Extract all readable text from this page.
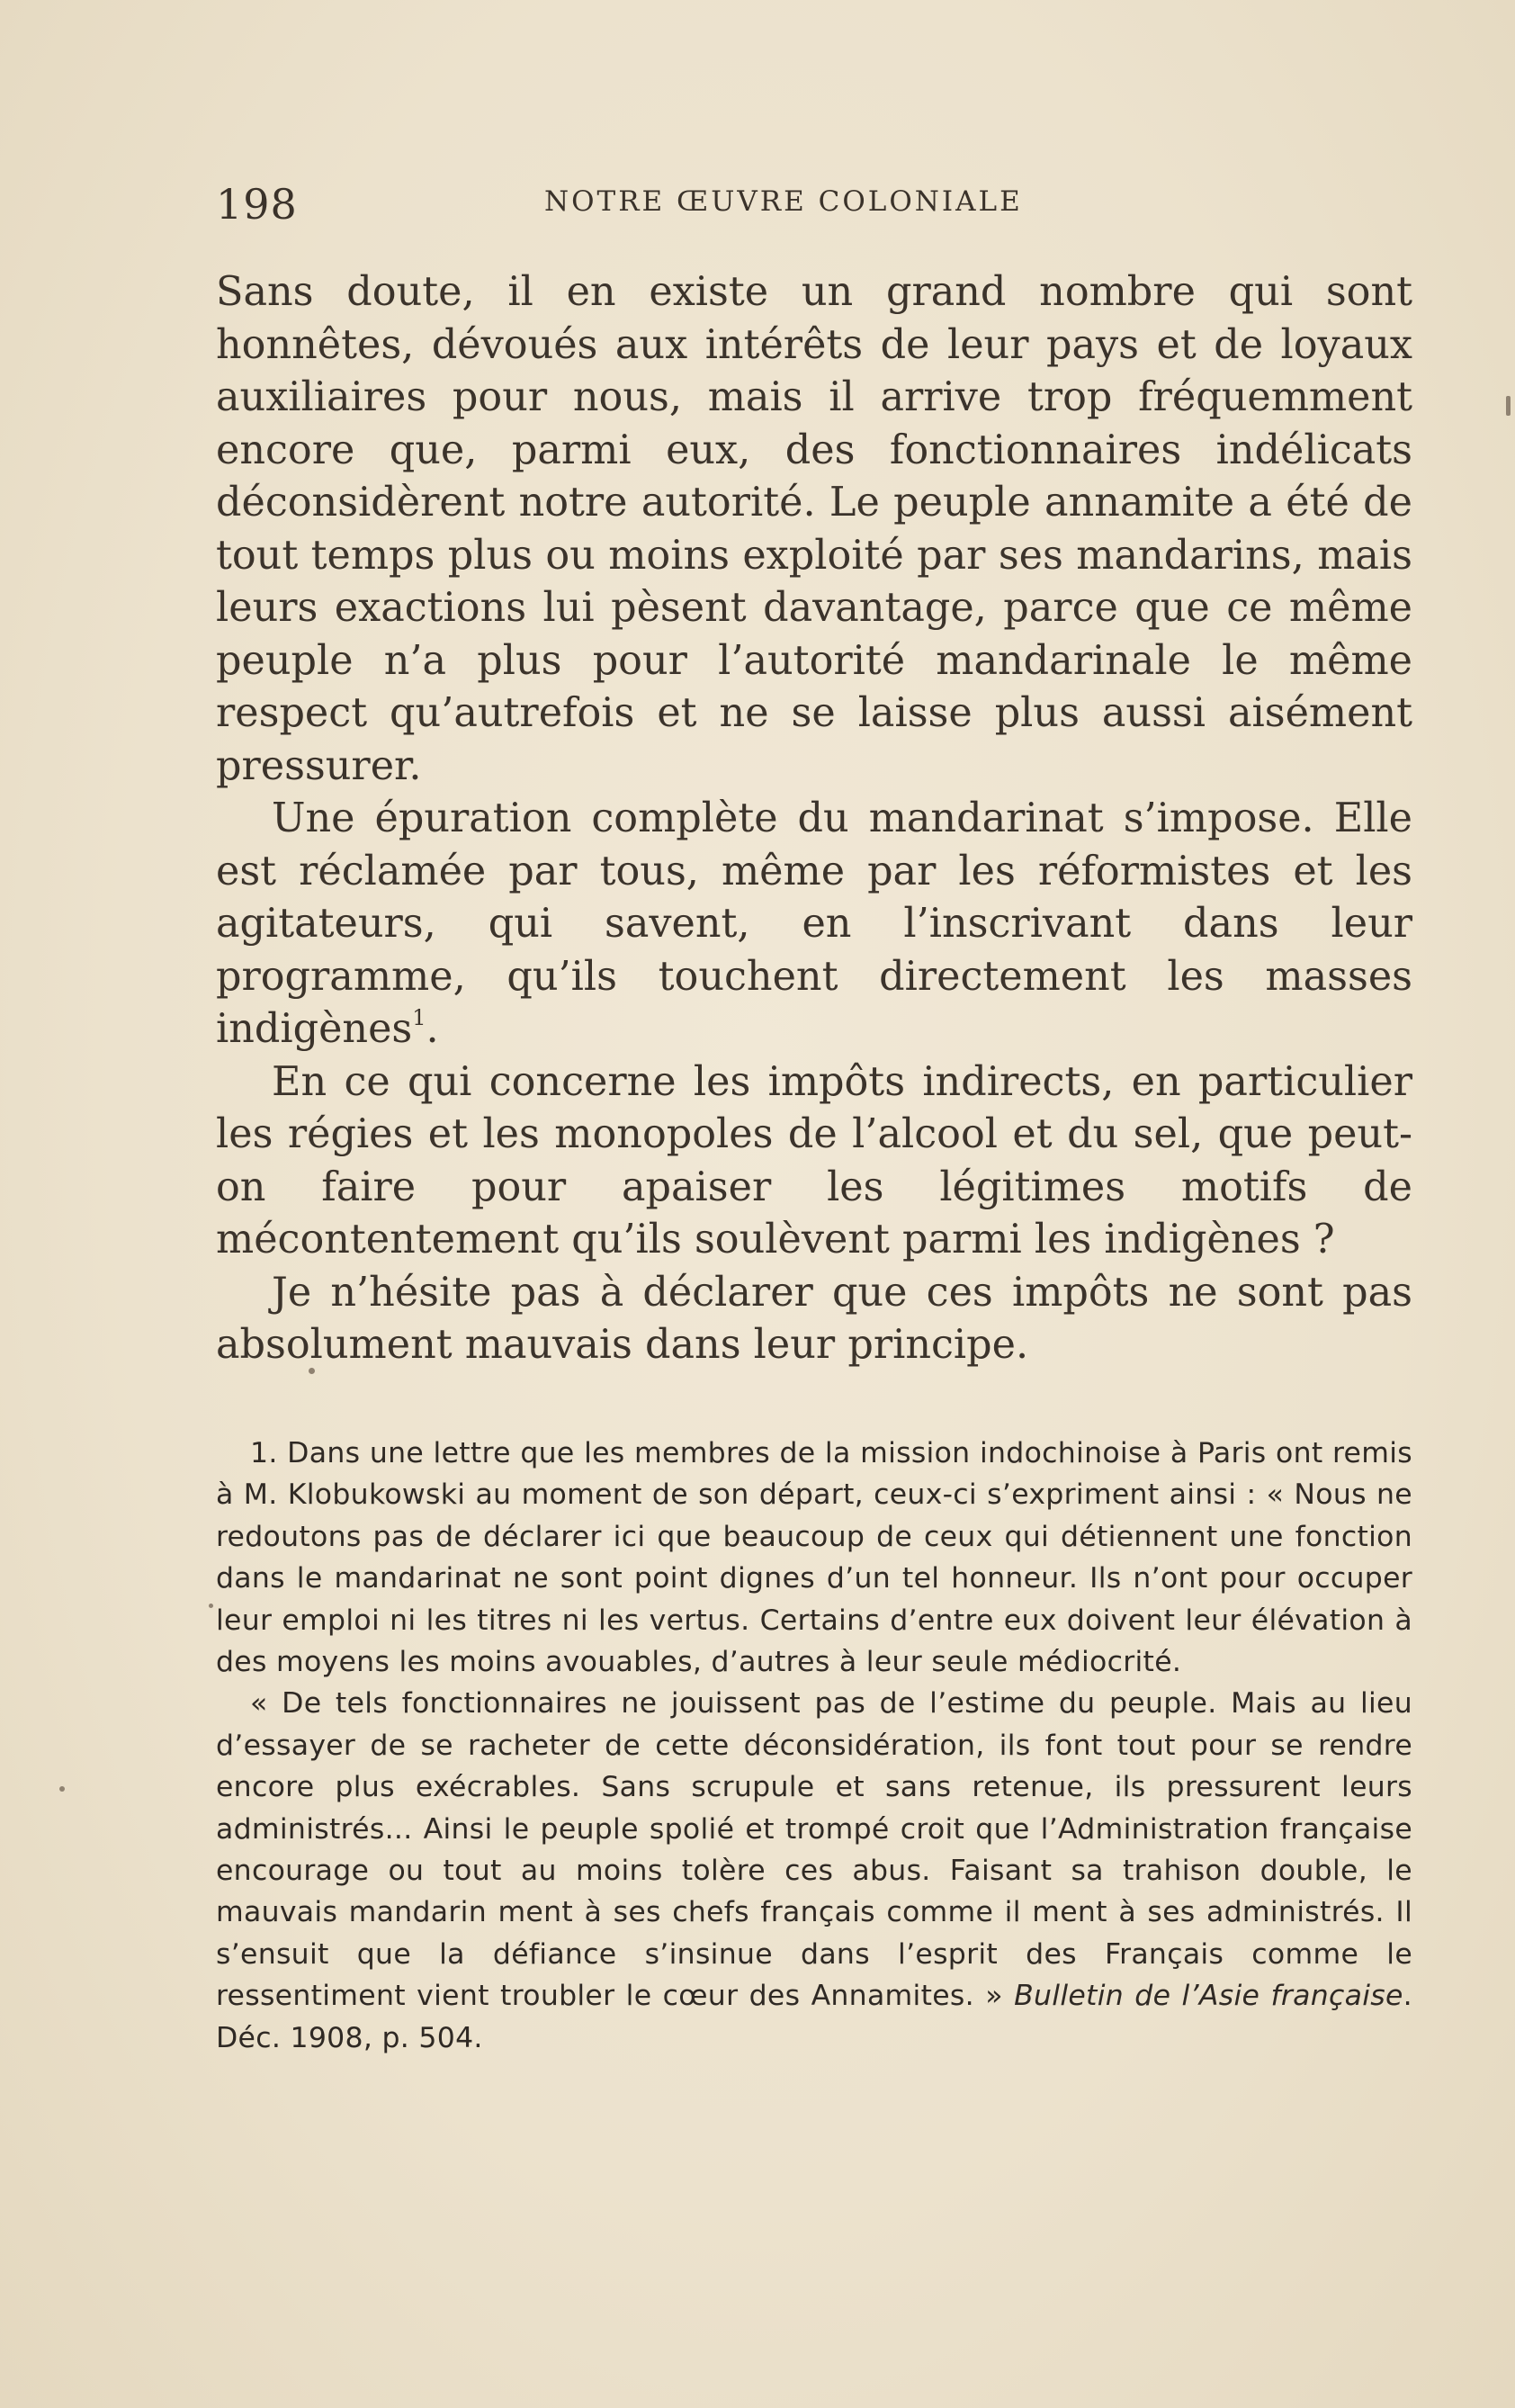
198	NOTRE ŒUVRE COLONIALE

Sans doute, il en existe un grand nombre qui sont honnêtes, dévoués aux intérêts de leur pays et de loyaux auxiliaires pour nous, mais il arrive trop fréquemment encore que, parmi eux, des fonctionnaires indélicats déconsidèrent notre autorité. Le peuple annamite a été de tout temps plus ou moins exploité par ses mandarins, mais leurs exactions lui pèsent davantage, parce que ce même peuple n’a plus pour l’autorité mandarinale le même respect qu’autrefois et ne se laisse plus aussi aisément pressurer.

Une épuration complète du mandarinat s’impose. Elle est réclamée par tous, même par les réformistes et les agitateurs, qui savent, en l’inscrivant dans leur programme, qu’ils touchent directement les masses indigènes$^1$.

En ce qui concerne les impôts indirects, en particulier les régies et les monopoles de l’alcool et du sel, que peut-on faire pour apaiser les légitimes motifs de mécontentement qu’ils soulèvent parmi les indigènes ?

Je n’hésite pas à déclarer que ces impôts ne sont pas absolument mauvais dans leur principe.

1. Dans une lettre que les membres de la mission indochinoise à Paris ont remis à M. Klobukowski au moment de son départ, ceux-ci s’expriment ainsi : « Nous ne redoutons pas de déclarer ici que beaucoup de ceux qui détiennent une fonction dans le mandarinat ne sont point dignes d’un tel honneur. Ils n’ont pour occuper leur emploi ni les titres ni les vertus. Certains d’entre eux doivent leur élévation à des moyens les moins avouables, d’autres à leur seule médiocrité.

« De tels fonctionnaires ne jouissent pas de l’estime du peuple. Mais au lieu d’essayer de se racheter de cette déconsidération, ils font tout pour se rendre encore plus exécrables. Sans scrupule et sans retenue, ils pressurent leurs administrés... Ainsi le peuple spolié et trompé croit que l’Administration française encourage ou tout au moins tolère ces abus. Faisant sa trahison double, le mauvais mandarin ment à ses chefs français comme il ment à ses administrés. Il s’ensuit que la défiance s’insinue dans l’esprit des Français comme le ressentiment vient troubler le cœur des Annamites. » Bulletin de l’Asie française. Déc. 1908, p. 504.
